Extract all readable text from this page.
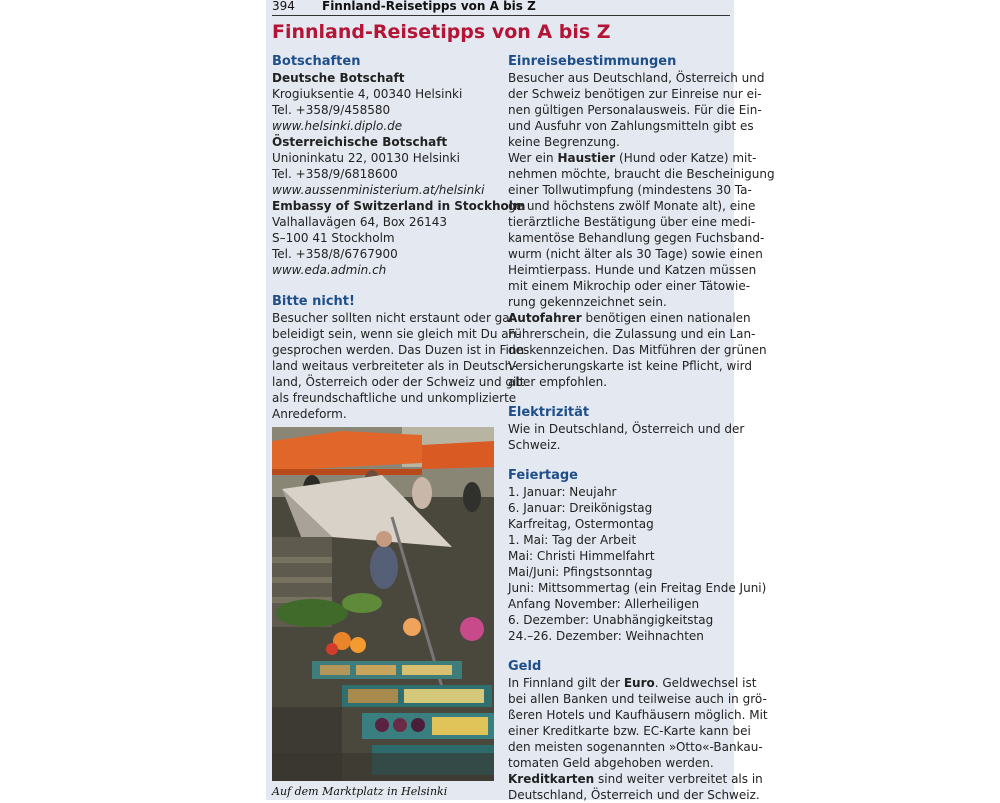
394 Finnland-Reisetipps von A bis Z
Finnland-Reisetipps von A bis Z
Botschaften
Deutsche Botschaft
Krogiuksentie 4, 00340 Helsinki
Tel. +358/9/458580
www.helsinki.diplo.de
Österreichische Botschaft
Unioninkatu 22, 00130 Helsinki
Tel. +358/9/6818600
www.aussenministerium.at/helsinki
Embassy of Switzerland in Stockholm
Valhallavägen 64, Box 26143
S–100 41 Stockholm
Tel. +358/8/6767900
www.eda.admin.ch
Bitte nicht!
Besucher sollten nicht erstaunt oder gar
beleidigt sein, wenn sie gleich mit Du an-
gesprochen werden. Das Duzen ist in Finn-
land weitaus verbreiteter als in Deutsch-
land, Österreich oder der Schweiz und gilt
als freundschaftliche und unkomplizierte
Anredeform.
Auf dem Marktplatz in Helsinki
Einreisebestimmungen
Besucher aus Deutschland, Österreich und
der Schweiz benötigen zur Einreise nur ei-
nen gültigen Personalausweis. Für die Ein-
und Ausfuhr von Zahlungsmitteln gibt es
keine Begrenzung.
Wer ein Haustier (Hund oder Katze) mit-
nehmen möchte, braucht die Bescheinigung
einer Tollwutimpfung (mindestens 30 Ta-
ge und höchstens zwölf Monate alt), eine
tierärztliche Bestätigung über eine medi-
kamentöse Behandlung gegen Fuchsband-
wurm (nicht älter als 30 Tage) sowie einen
Heimtierpass. Hunde und Katzen müssen
mit einem Mikrochip oder einer Tätowie-
rung gekennzeichnet sein.
Autofahrer benötigen einen nationalen
Führerschein, die Zulassung und ein Lan-
deskennzeichen. Das Mitführen der grünen
Versicherungskarte ist keine Pflicht, wird
aber empfohlen.
Elektrizität
Wie in Deutschland, Österreich und der
Schweiz.
Feiertage
1. Januar: Neujahr
6. Januar: Dreikönigstag
Karfreitag, Ostermontag
1. Mai: Tag der Arbeit
Mai: Christi Himmelfahrt
Mai/Juni: Pfingstsonntag
Juni: Mittsommertag (ein Freitag Ende Juni)
Anfang November: Allerheiligen
6. Dezember: Unabhängigkeitstag
24.–26. Dezember: Weihnachten
Geld
In Finnland gilt der Euro. Geldwechsel ist
bei allen Banken und teilweise auch in grö-
ßeren Hotels und Kaufhäusern möglich. Mit
einer Kreditkarte bzw. EC-Karte kann bei
den meisten sogenannten »Otto«-Bankau-
tomaten Geld abgehoben werden.
Kreditkarten sind weiter verbreitet als in
Deutschland, Österreich und der Schweiz.
